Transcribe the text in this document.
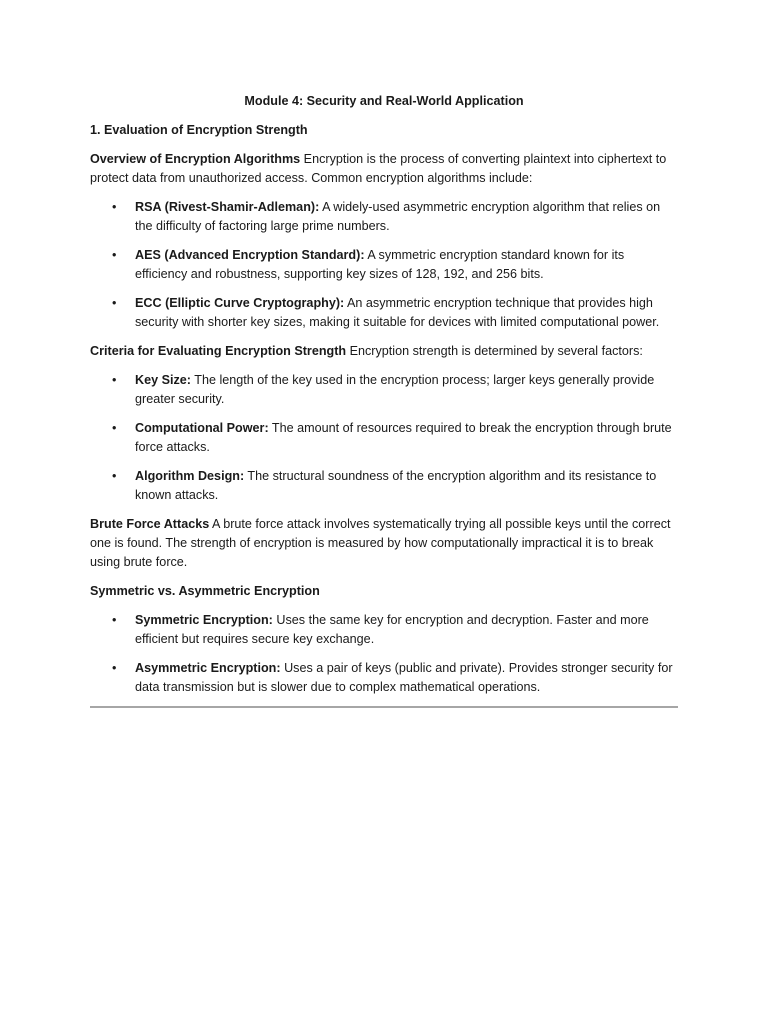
Module 4: Security and Real-World Application
1. Evaluation of Encryption Strength
Overview of Encryption Algorithms Encryption is the process of converting plaintext into ciphertext to protect data from unauthorized access. Common encryption algorithms include:
• RSA (Rivest-Shamir-Adleman): A widely-used asymmetric encryption algorithm that relies on the difficulty of factoring large prime numbers.
• AES (Advanced Encryption Standard): A symmetric encryption standard known for its efficiency and robustness, supporting key sizes of 128, 192, and 256 bits.
• ECC (Elliptic Curve Cryptography): An asymmetric encryption technique that provides high security with shorter key sizes, making it suitable for devices with limited computational power.
Criteria for Evaluating Encryption Strength Encryption strength is determined by several factors:
• Key Size: The length of the key used in the encryption process; larger keys generally provide greater security.
• Computational Power: The amount of resources required to break the encryption through brute force attacks.
• Algorithm Design: The structural soundness of the encryption algorithm and its resistance to known attacks.
Brute Force Attacks A brute force attack involves systematically trying all possible keys until the correct one is found. The strength of encryption is measured by how computationally impractical it is to break using brute force.
Symmetric vs. Asymmetric Encryption
• Symmetric Encryption: Uses the same key for encryption and decryption. Faster and more efficient but requires secure key exchange.
• Asymmetric Encryption: Uses a pair of keys (public and private). Provides stronger security for data transmission but is slower due to complex mathematical operations.
